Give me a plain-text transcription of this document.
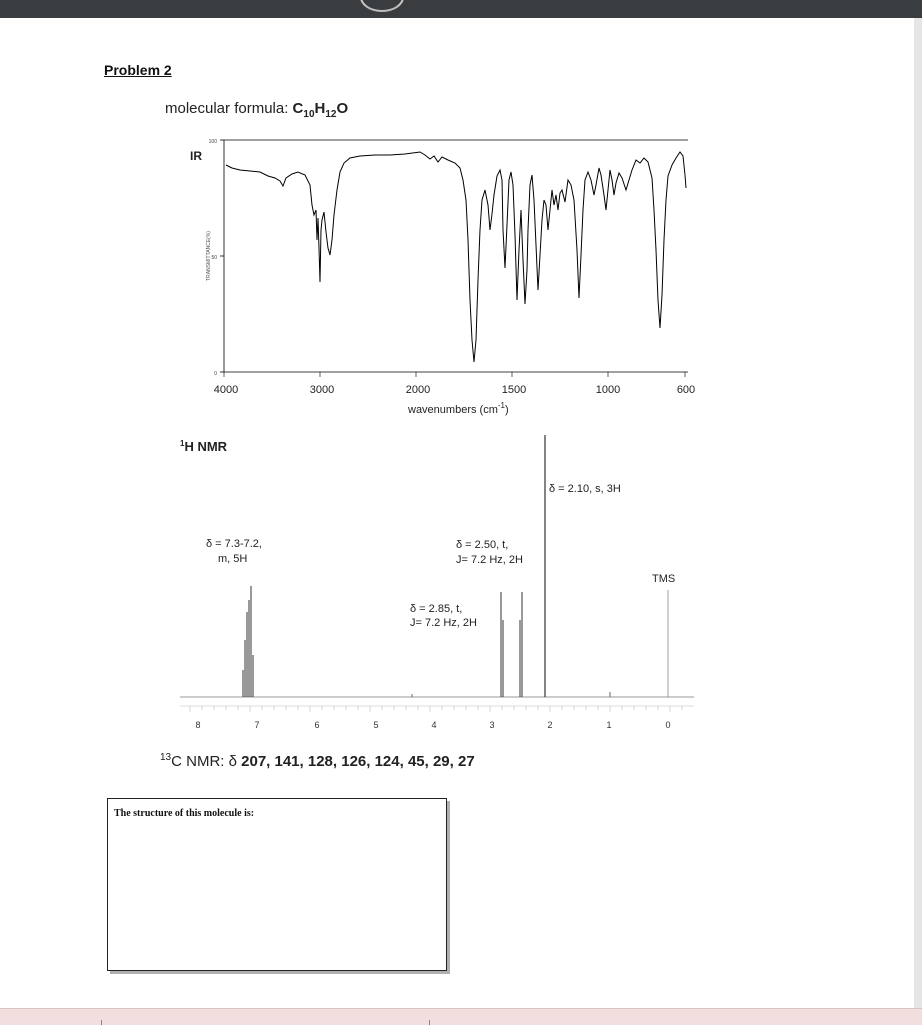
Problem 2
molecular formula: $C_{10}H_{12}O$
IR
TRANSMITTANCE(%)
100
50
0
4000	3000	2000	1500	1000	600
wavenumbers $(cm^{-1})$
$^1$H NMR
δ = 7.3-7.2,
m, 5H
δ = 2.85, t,
J= 7.2 Hz, 2H
δ = 2.50, t,
J= 7.2 Hz, 2H
δ = 2.10, s, 3H
TMS
8	7	6	5	4	3	2	1	0
$^{13}$C NMR: δ 207, 141, 128, 126, 124, 45, 29, 27
The structure of this molecule is:
